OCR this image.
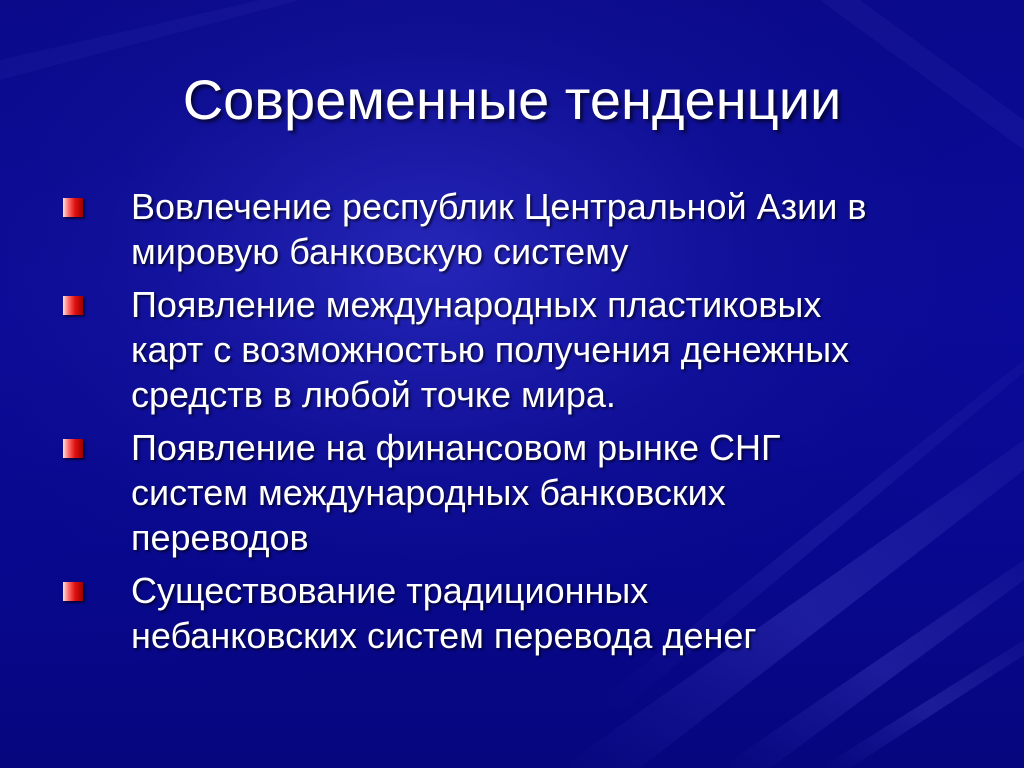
Современные тенденции
Вовлечение республик Центральной Азии в
мировую банковскую систему
Появление международных пластиковых
карт с возможностью получения денежных
средств в любой точке мира.
Появление на финансовом рынке СНГ
систем международных банковских
переводов
Существование традиционных
небанковских систем перевода денег
